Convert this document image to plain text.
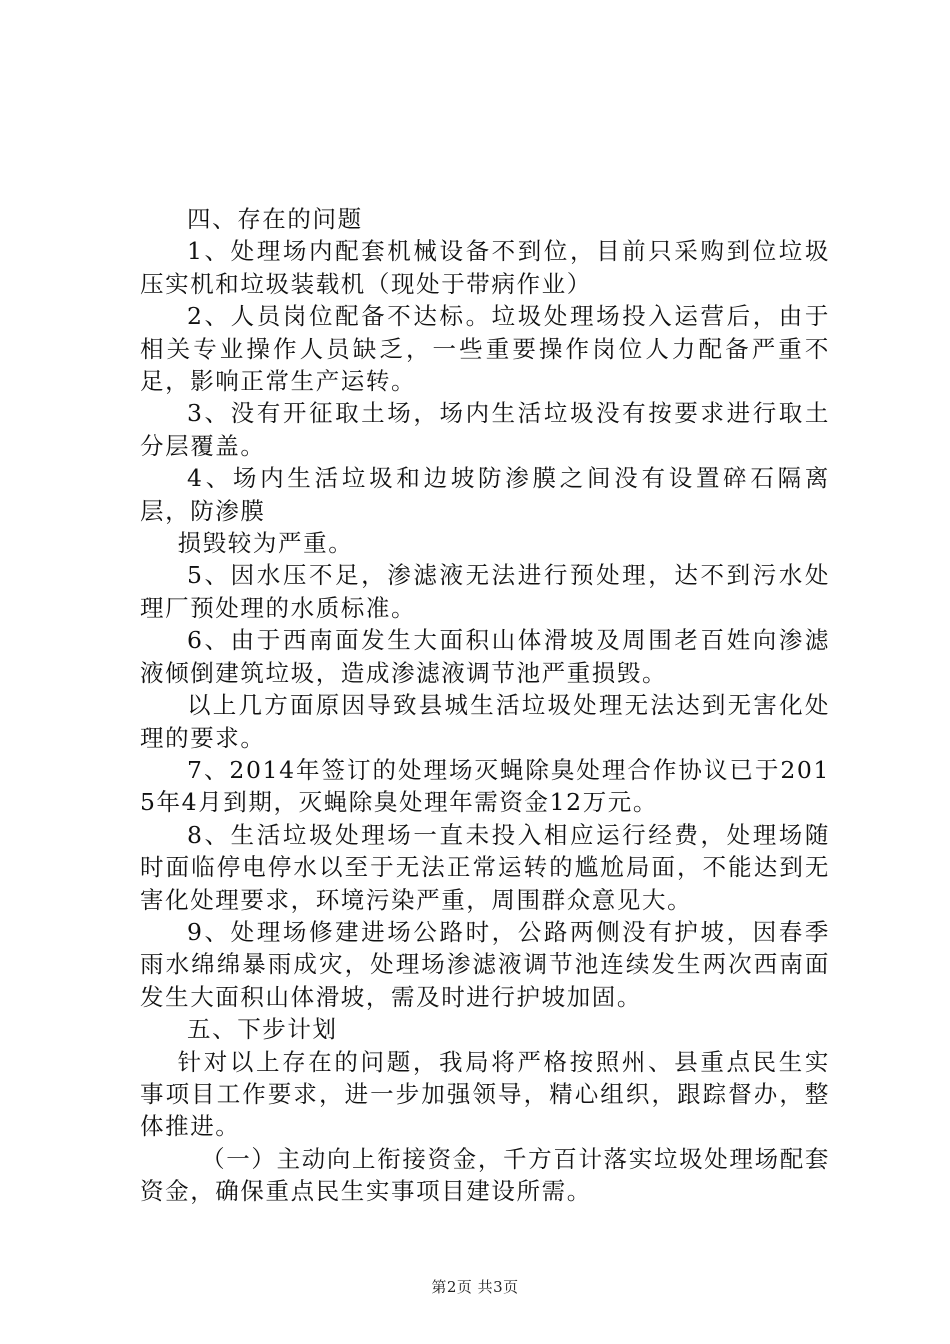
四、存在的问题

1、处理场内配套机械设备不到位，目前只采购到位垃圾压实机和垃圾装载机（现处于带病作业）

2、人员岗位配备不达标。垃圾处理场投入运营后，由于相关专业操作人员缺乏，一些重要操作岗位人力配备严重不足，影响正常生产运转。

3、没有开征取土场，场内生活垃圾没有按要求进行取土分层覆盖。

4、场内生活垃圾和边坡防渗膜之间没有设置碎石隔离层，防渗膜

损毁较为严重。

5、因水压不足，渗滤液无法进行预处理，达不到污水处理厂预处理的水质标准。

6、由于西南面发生大面积山体滑坡及周围老百姓向渗滤液倾倒建筑垃圾，造成渗滤液调节池严重损毁。

以上几方面原因导致县城生活垃圾处理无法达到无害化处理的要求。

7、2014年签订的处理场灭蝇除臭处理合作协议已于2015年4月到期，灭蝇除臭处理年需资金12万元。

8、生活垃圾处理场一直未投入相应运行经费，处理场随时面临停电停水以至于无法正常运转的尴尬局面，不能达到无害化处理要求，环境污染严重，周围群众意见大。

9、处理场修建进场公路时，公路两侧没有护坡，因春季雨水绵绵暴雨成灾，处理场渗滤液调节池连续发生两次西南面发生大面积山体滑坡，需及时进行护坡加固。

五、下步计划

针对以上存在的问题，我局将严格按照州、县重点民生实事项目工作要求，进一步加强领导，精心组织，跟踪督办，整体推进。

（一）主动向上衔接资金，千方百计落实垃圾处理场配套资金，确保重点民生实事项目建设所需。

第2页 共3页
